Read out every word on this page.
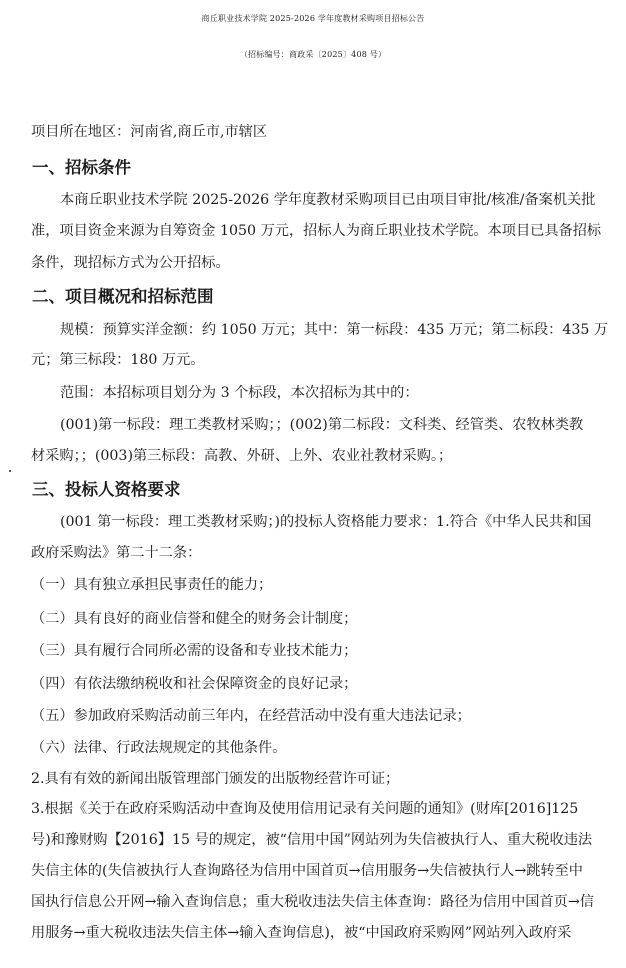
商丘职业技术学院 2025-2026 学年度教材采购项目招标公告
（招标编号：商政采〔2025〕408 号）
项目所在地区：河南省,商丘市,市辖区
一、招标条件
本商丘职业技术学院 2025-2026 学年度教材采购项目已由项目审批/核准/备案机关批
准，项目资金来源为自筹资金 1050 万元，招标人为商丘职业技术学院。本项目已具备招标
条件，现招标方式为公开招标。
二、项目概况和招标范围
规模：预算实洋金额：约 1050 万元；其中：第一标段：435 万元；第二标段：435 万
元；第三标段：180 万元。
范围：本招标项目划分为 3 个标段，本次招标为其中的：
(001)第一标段：理工类教材采购；；(002)第二标段：文科类、经管类、农牧林类教
材采购；；(003)第三标段：高教、外研、上外、农业社教材采购。；
三、投标人资格要求
(001 第一标段：理工类教材采购；)的投标人资格能力要求：1.符合《中华人民共和国
政府采购法》第二十二条：
（一）具有独立承担民事责任的能力；
（二）具有良好的商业信誉和健全的财务会计制度；
（三）具有履行合同所必需的设备和专业技术能力；
（四）有依法缴纳税收和社会保障资金的良好记录；
（五）参加政府采购活动前三年内，在经营活动中没有重大违法记录；
（六）法律、行政法规规定的其他条件。
2.具有有效的新闻出版管理部门颁发的出版物经营许可证；
3.根据《关于在政府采购活动中查询及使用信用记录有关问题的通知》(财库[2016]125
号)和豫财购【2016】15 号的规定，被“信用中国”网站列为失信被执行人、重大税收违法
失信主体的(失信被执行人查询路径为信用中国首页→信用服务→失信被执行人→跳转至中
国执行信息公开网→输入查询信息；重大税收违法失信主体查询：路径为信用中国首页→信
用服务→重大税收违法失信主体→输入查询信息)，被“中国政府采购网”网站列入政府采
